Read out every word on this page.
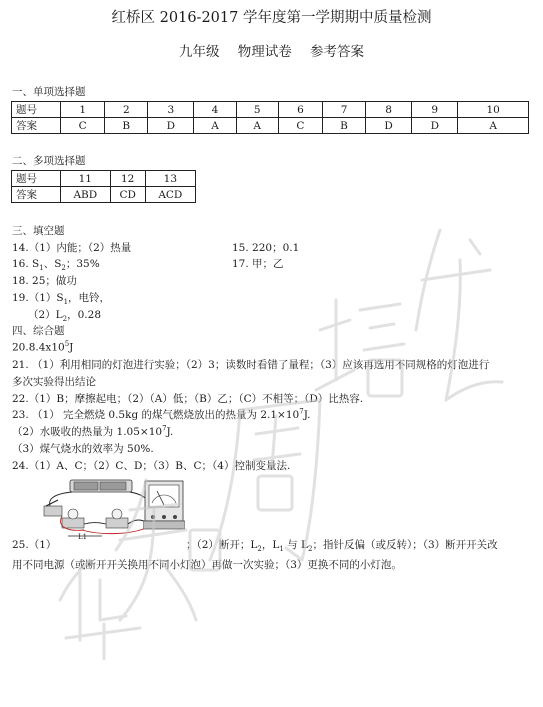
红桥区 2016-2017 学年度第一学期期中质量检测
九年级 物理试卷 参考答案
一、单项选择题
题号	1	2	3	4	5	6	7	8	9	10
答案	C	B	D	A	A	C	B	D	D	A
二、多项选择题
题号	11	12	13
答案	ABD	CD	ACD
三、填空题
14.（1）内能；（2）热量	15. 220；0.1
16. $S_1$、$S_2$；35%	17. 甲；乙
18. 25；做功
$19.(1)S_1$，电铃，
$(2)L_2$，0.28
四、综合题
$20.8.4x10^5J$
21. （1）利用相同的灯泡进行实验；（2）3；读数时看错了量程；（3）应该再选用不同规格的灯泡进行
多次实验得出结论
22.（1）B；摩擦起电；（2）（A）低；（B）乙；（C）不相等；（D）比热容.
23. （1） 完全燃烧 0.5kg 的煤气燃烧放出的热量为 $2.1\times 10^7J$.
（2）水吸收的热量为 $1.05\times 10^7J$.
（3）煤气烧水的效率为 50%.
24.（1）A、C；（2）C、D；（3）B、C；（4）控制变量法.
L1
25.（1）	；（2）断开；$L_2$，$L_1$ 与 $L_2$；指针反偏（或反转）；（3）断开开关改
用不同电源（或断开开关换用不同小灯泡）再做一次实验；（3）更换不同的小灯泡。
